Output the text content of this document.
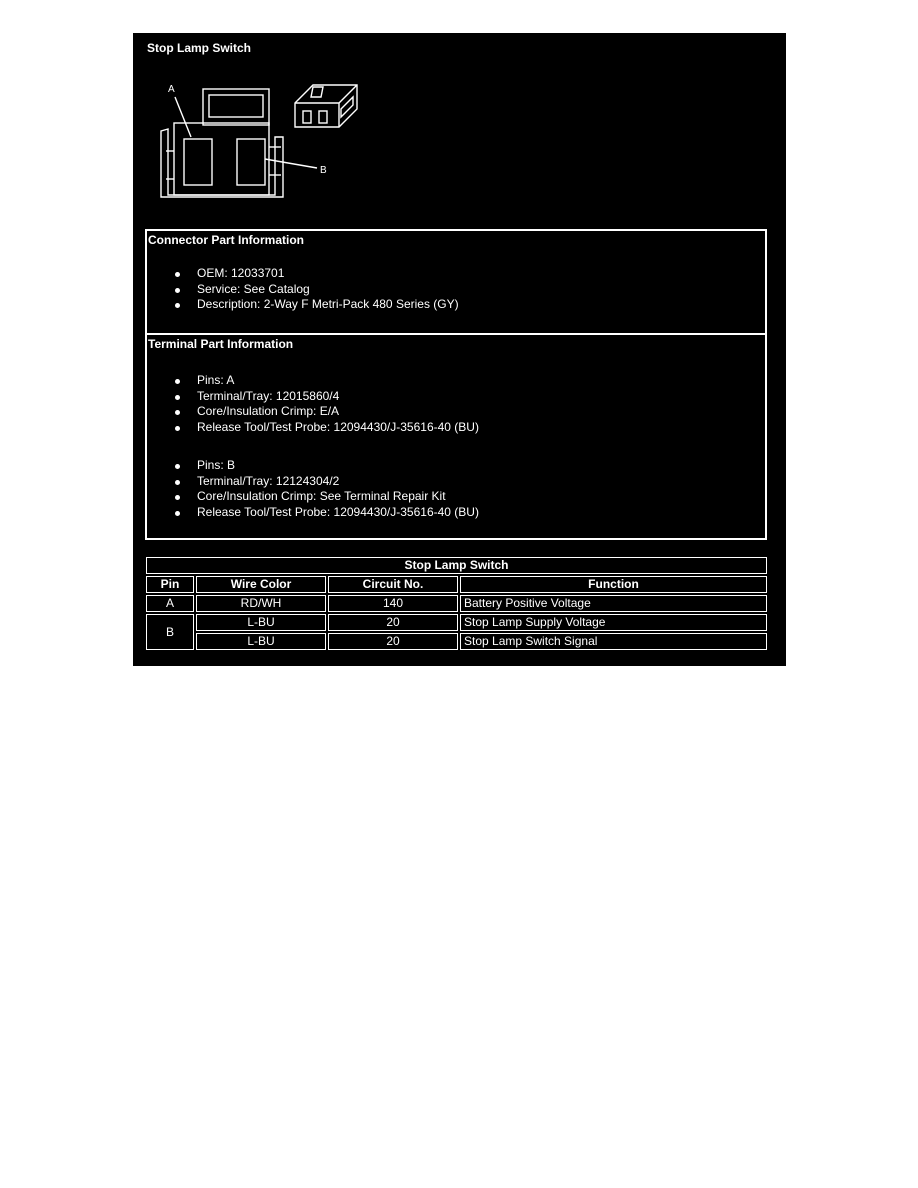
Stop Lamp Switch
A
B
Connector Part Information
OEM: 12033701
Service: See Catalog
Description: 2-Way F Metri-Pack 480 Series (GY)
Terminal Part Information
Pins: A
Terminal/Tray: 12015860/4
Core/Insulation Crimp: E/A
Release Tool/Test Probe: 12094430/J-35616-40 (BU)
Pins: B
Terminal/Tray: 12124304/2
Core/Insulation Crimp: See Terminal Repair Kit
Release Tool/Test Probe: 12094430/J-35616-40 (BU)
Stop Lamp Switch			
Pin	Wire Color	Circuit No.	Function
A	RD/WH	140	Battery Positive Voltage
B	L-BU	20	Stop Lamp Supply Voltage
	L-BU	20	Stop Lamp Switch Signal
